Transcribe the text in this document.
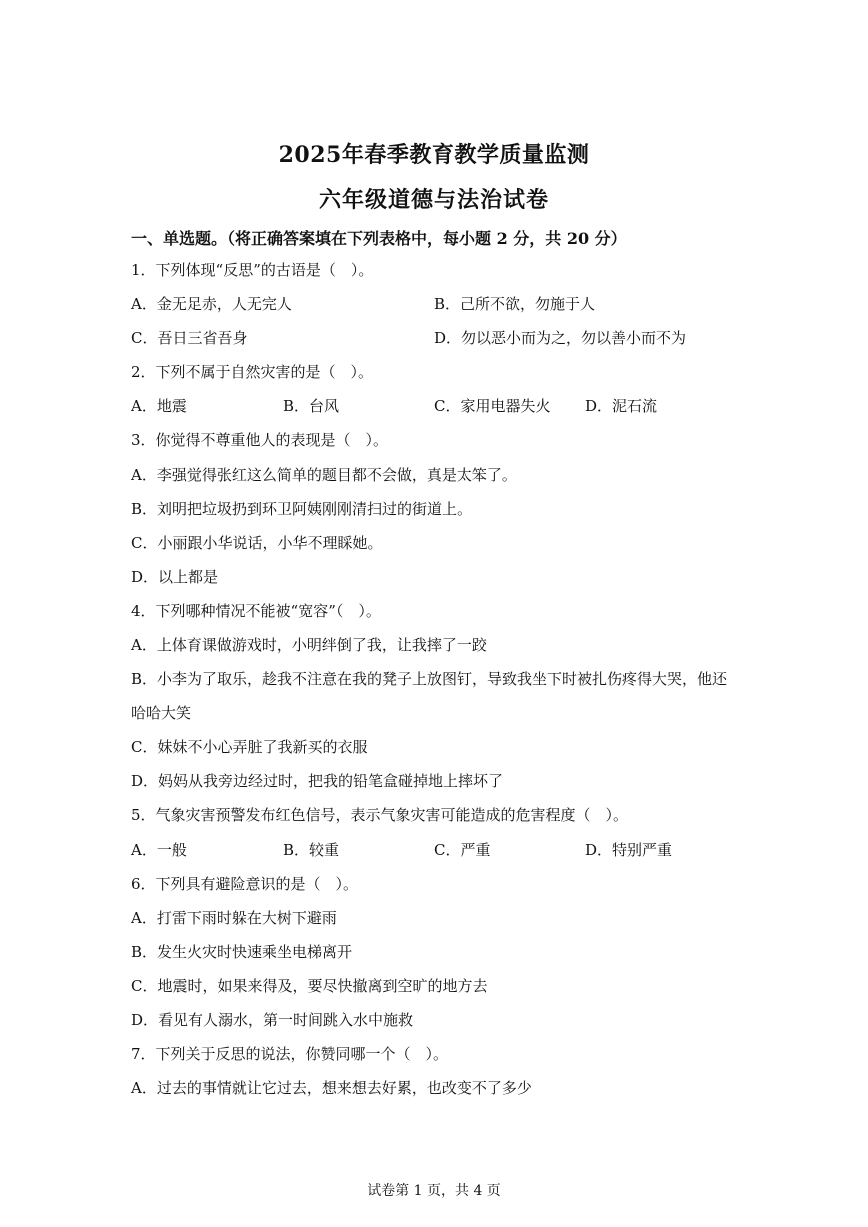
2025年春季教育教学质量监测
六年级道德与法治试卷
一、单选题。（将正确答案填在下列表格中，每小题 2 分，共 20 分）
1．下列体现“反思”的古语是（　）。
A．金无足赤，人无完人	B．己所不欲，勿施于人
C．吾日三省吾身	D．勿以恶小而为之，勿以善小而不为
2．下列不属于自然灾害的是（　）。
A．地震	B．台风	C．家用电器失火 D．泥石流
3．你觉得不尊重他人的表现是（　）。
A．李强觉得张红这么简单的题目都不会做，真是太笨了。
B．刘明把垃圾扔到环卫阿姨刚刚清扫过的街道上。
C．小丽跟小华说话，小华不理睬她。
D．以上都是
4．下列哪种情况不能被“宽容”（　）。
A．上体育课做游戏时，小明绊倒了我，让我摔了一跤
B．小李为了取乐，趁我不注意在我的凳子上放图钉，导致我坐下时被扎伤疼得大哭，他还
哈哈大笑
C．妹妹不小心弄脏了我新买的衣服
D．妈妈从我旁边经过时，把我的铅笔盒碰掉地上摔坏了
5．气象灾害预警发布红色信号，表示气象灾害可能造成的危害程度（　）。
A．一般	B．较重	C．严重	D．特别严重
6．下列具有避险意识的是（　）。
A．打雷下雨时躲在大树下避雨
B．发生火灾时快速乘坐电梯离开
C．地震时，如果来得及，要尽快撤离到空旷的地方去
D．看见有人溺水，第一时间跳入水中施救
7．下列关于反思的说法，你赞同哪一个（　）。
A．过去的事情就让它过去，想来想去好累，也改变不了多少
试卷第 1 页，共 4 页
